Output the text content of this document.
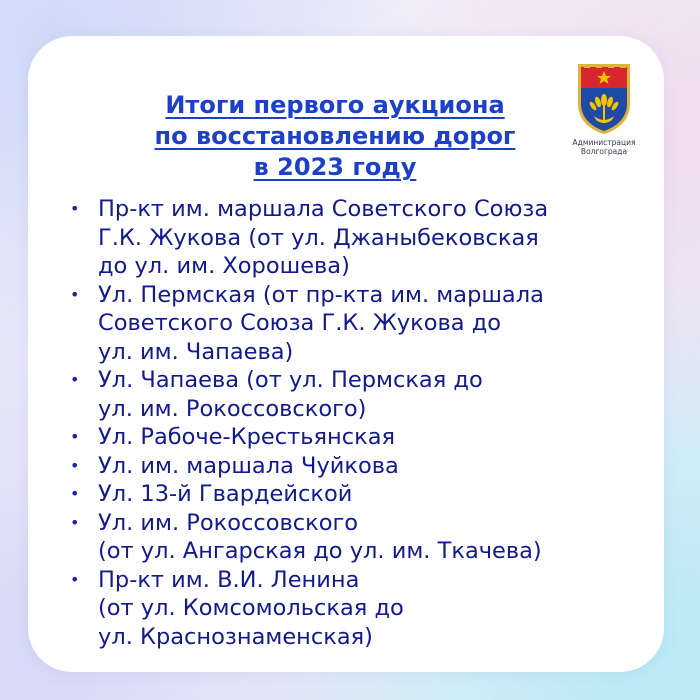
Итоги первого аукциона
по восстановлению дорог
в 2023 году
Администрация
Волгограда
• Пр-кт им. маршала Советского Союза
Г.К. Жукова (от ул. Джаныбековская
до ул. им. Хорошева)
• Ул. Пермская (от пр-кта им. маршала
Советского Союза Г.К. Жукова до
ул. им. Чапаева)
• Ул. Чапаева (от ул. Пермская до
ул. им. Рокоссовского)
• Ул. Рабоче-Крестьянская
• Ул. им. маршала Чуйкова
• Ул. 13-й Гвардейской
• Ул. им. Рокоссовского
(от ул. Ангарская до ул. им. Ткачева)
• Пр-кт им. В.И. Ленина
(от ул. Комсомольская до
ул. Краснознаменская)
